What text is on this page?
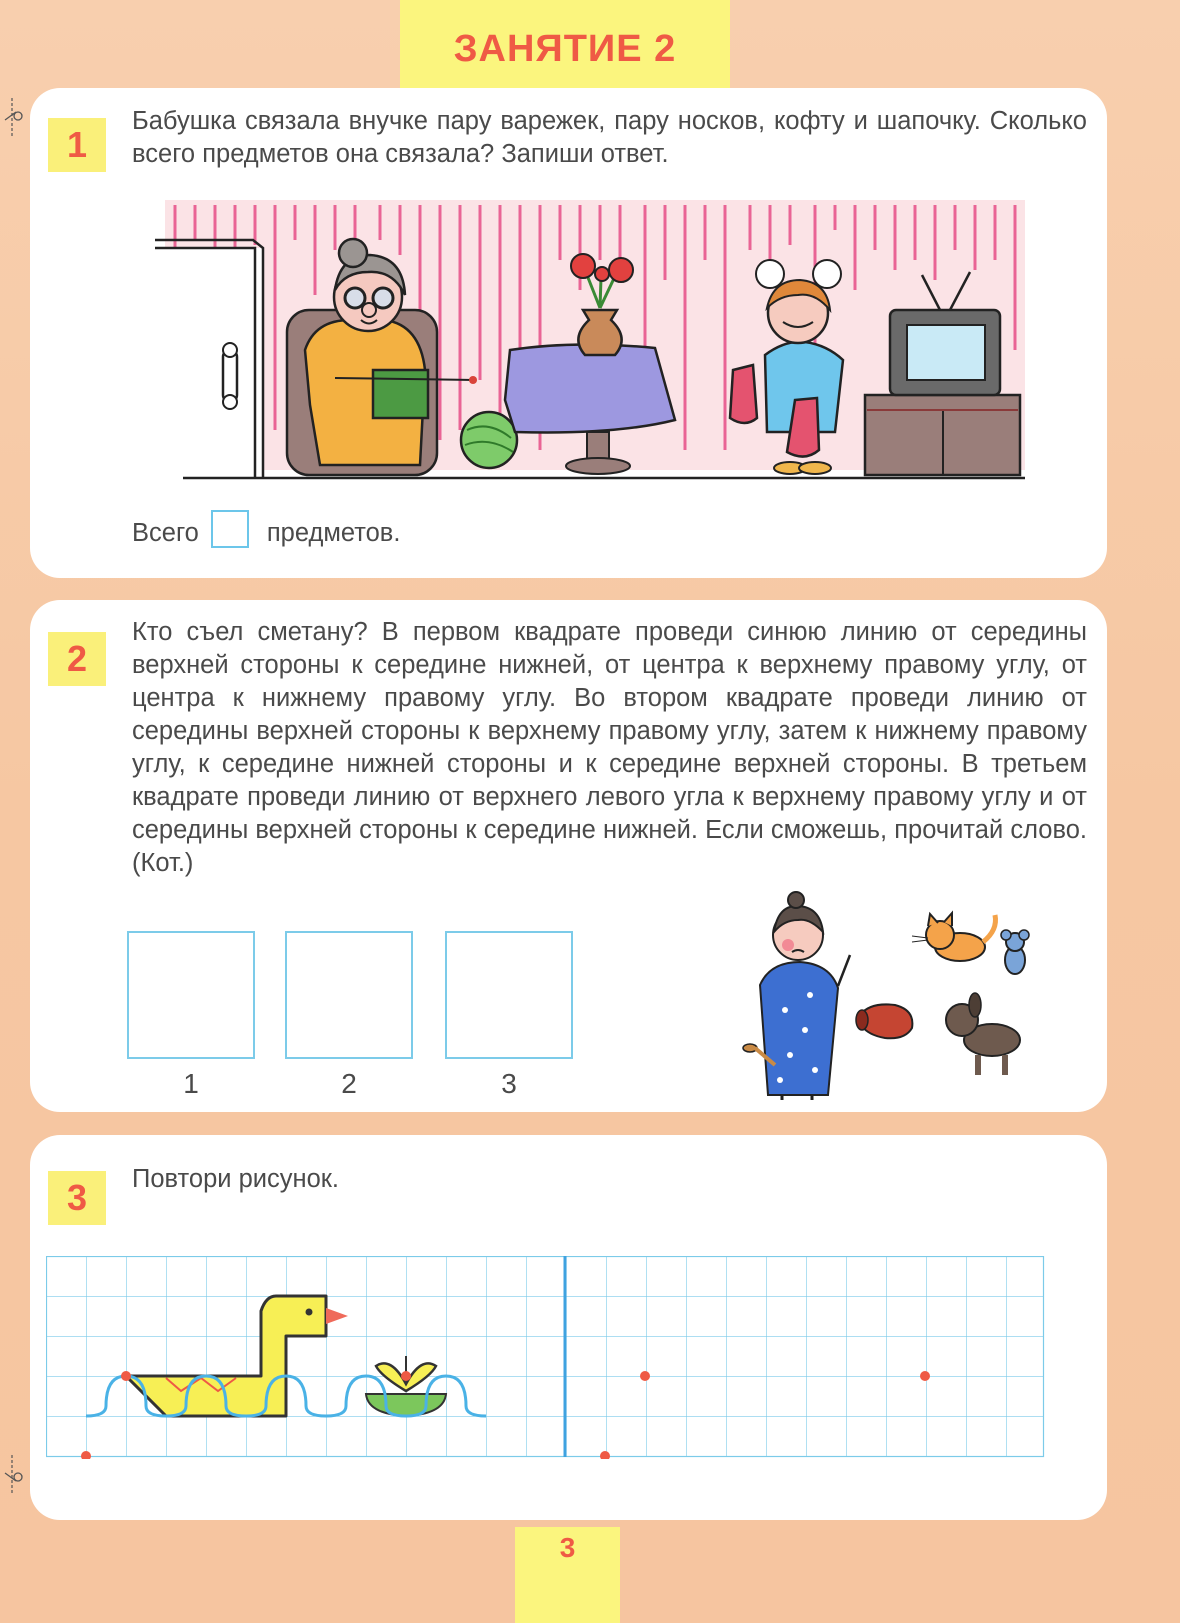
ЗАНЯТИЕ 2
1

Бабушка связала внучке пару варежек, пару носков, кофту и шапочку. Сколько всего предметов она связала? Запиши ответ.

Всего	предметов.
2

Кто съел сметану? В первом квадрате проведи синюю линию от середины верхней стороны к середине нижней, от центра к верхнему правому углу, от центра к нижнему правому углу. Во втором квадрате проведи линию от середины верхней стороны к верхнему правому углу, затем к нижнему правому углу, к середине нижней стороны и к середине верхней стороны. В третьем квадрате проведи линию от верхнего левого угла к верхнему правому углу и от середины верхней стороны к середине нижней. Если сможешь, прочитай слово. (Кот.)

1	2	3
3	Повтори рисунок.

3
